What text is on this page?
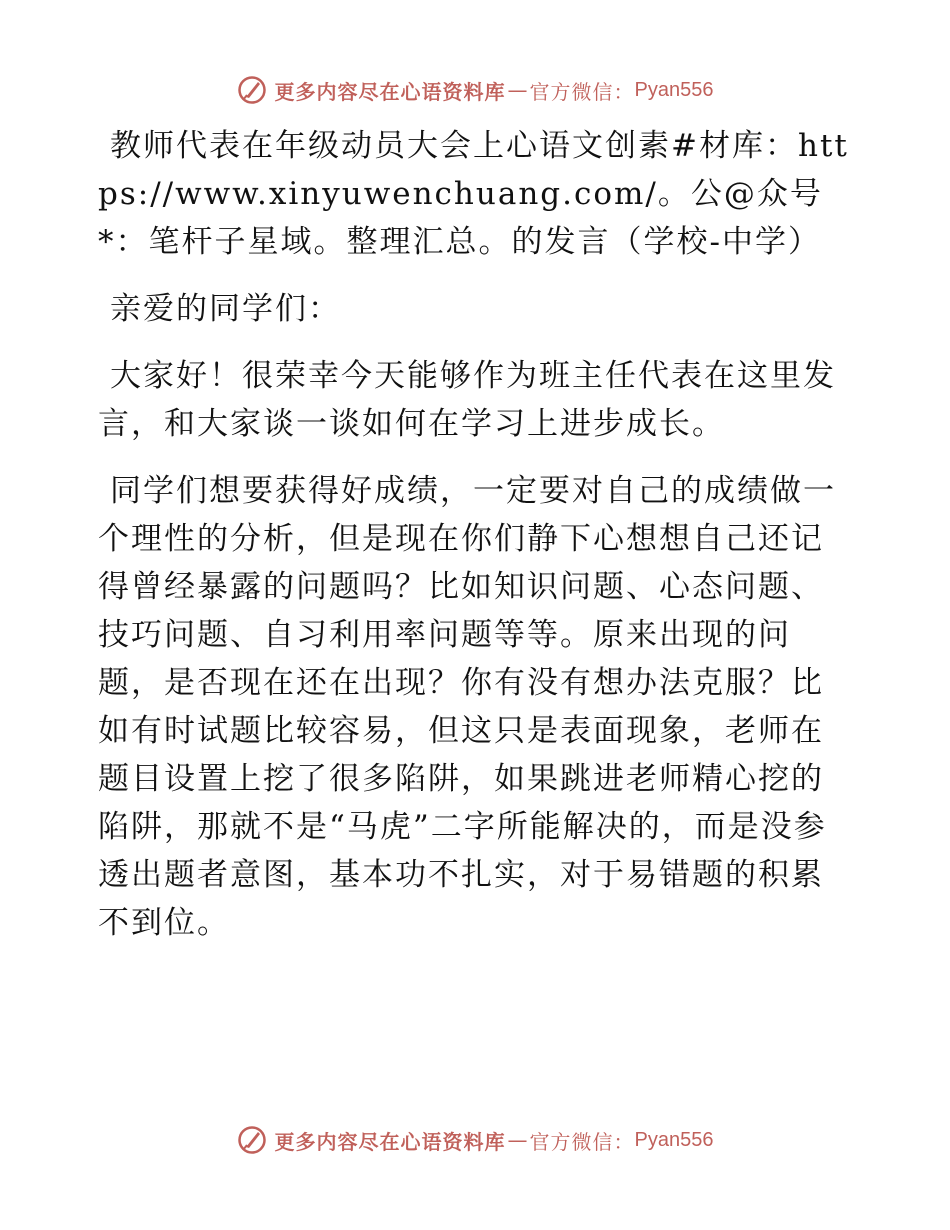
更多内容尽在心语资料库 — 官方微信： Pyan556

教师代表在年级动员大会上心语文创素#材库：https://www.xinyuwenchuang.com/。公@众号*：笔杆子星域。整理汇总。的发言（学校-中学）

亲爱的同学们：

大家好！很荣幸今天能够作为班主任代表在这里发言，和大家谈一谈如何在学习上进步成长。

同学们想要获得好成绩，一定要对自己的成绩做一个理性的分析，但是现在你们静下心想想自己还记得曾经暴露的问题吗？比如知识问题、心态问题、技巧问题、自习利用率问题等等。原来出现的问题，是否现在还在出现？你有没有想办法克服？比如有时试题比较容易，但这只是表面现象，老师在题目设置上挖了很多陷阱，如果跳进老师精心挖的陷阱，那就不是“马虎”二字所能解决的，而是没参透出题者意图，基本功不扎实，对于易错题的积累不到位。

更多内容尽在心语资料库 — 官方微信： Pyan556
